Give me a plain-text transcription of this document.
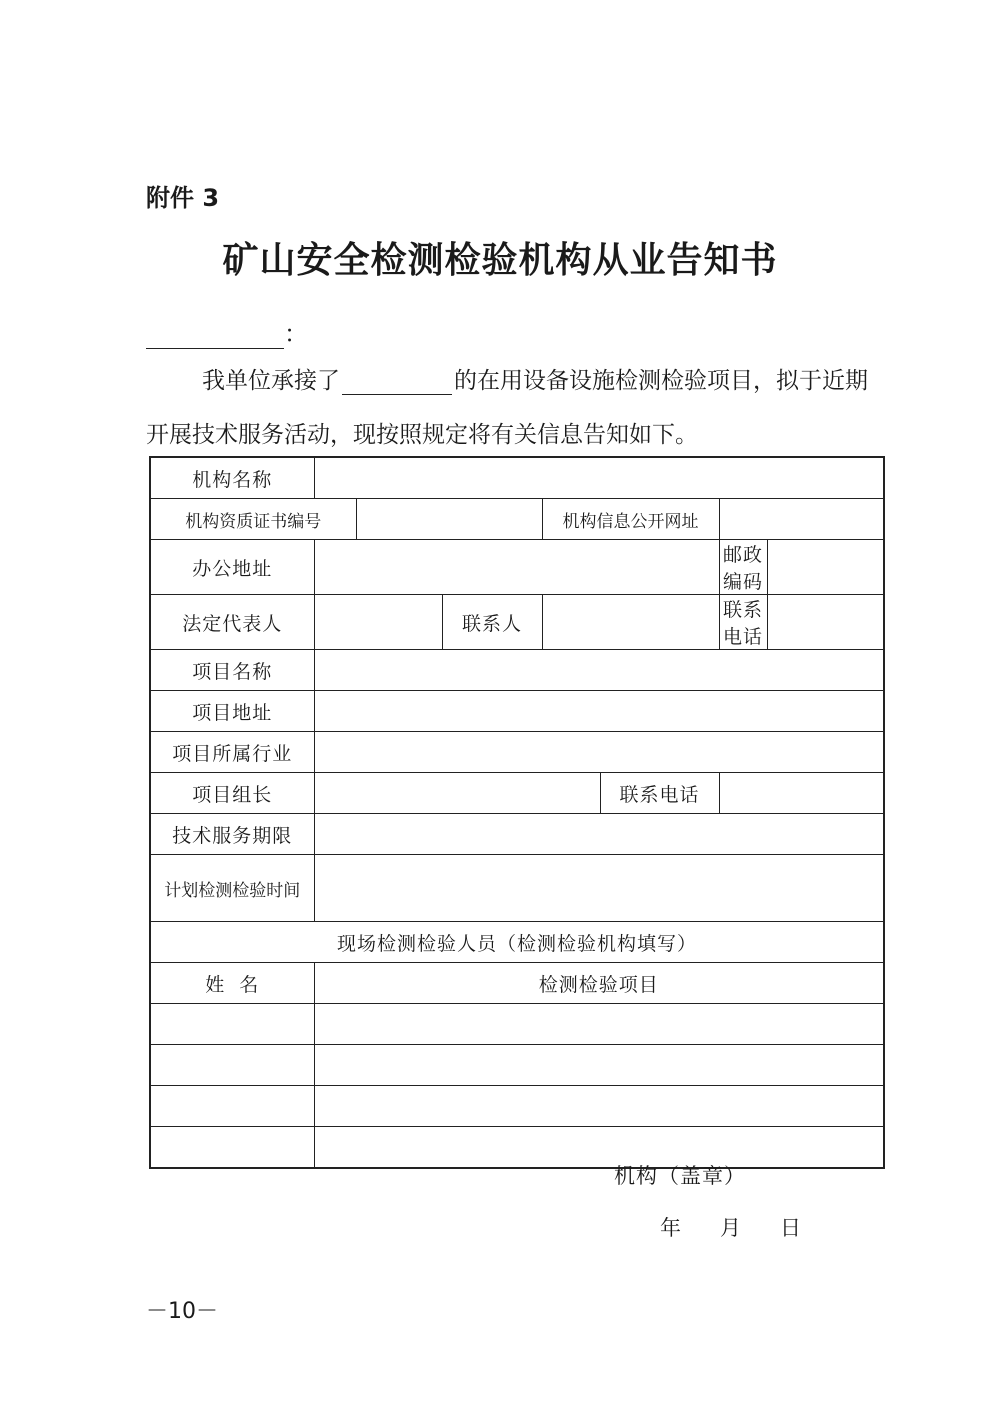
附件 3
矿山安全检测检验机构从业告知书
：
我单位承接了	的在用设备设施检测检验项目，拟于近期
开展技术服务活动，现按照规定将有关信息告知如下。
机构名称							
机构资质证书编号				机构信息公开网址			
办公地址						邮政编码	
法定代表人			联系人			联系电话	
项目名称							
项目地址							
项目所属行业							
项目组长					联系电话		
技术服务期限							
计划检测检验时间							
现场检测检验人员（检测检验机构填写）							
姓  名	检测检验项目						

机构（盖章）
年 月 日
－10－
